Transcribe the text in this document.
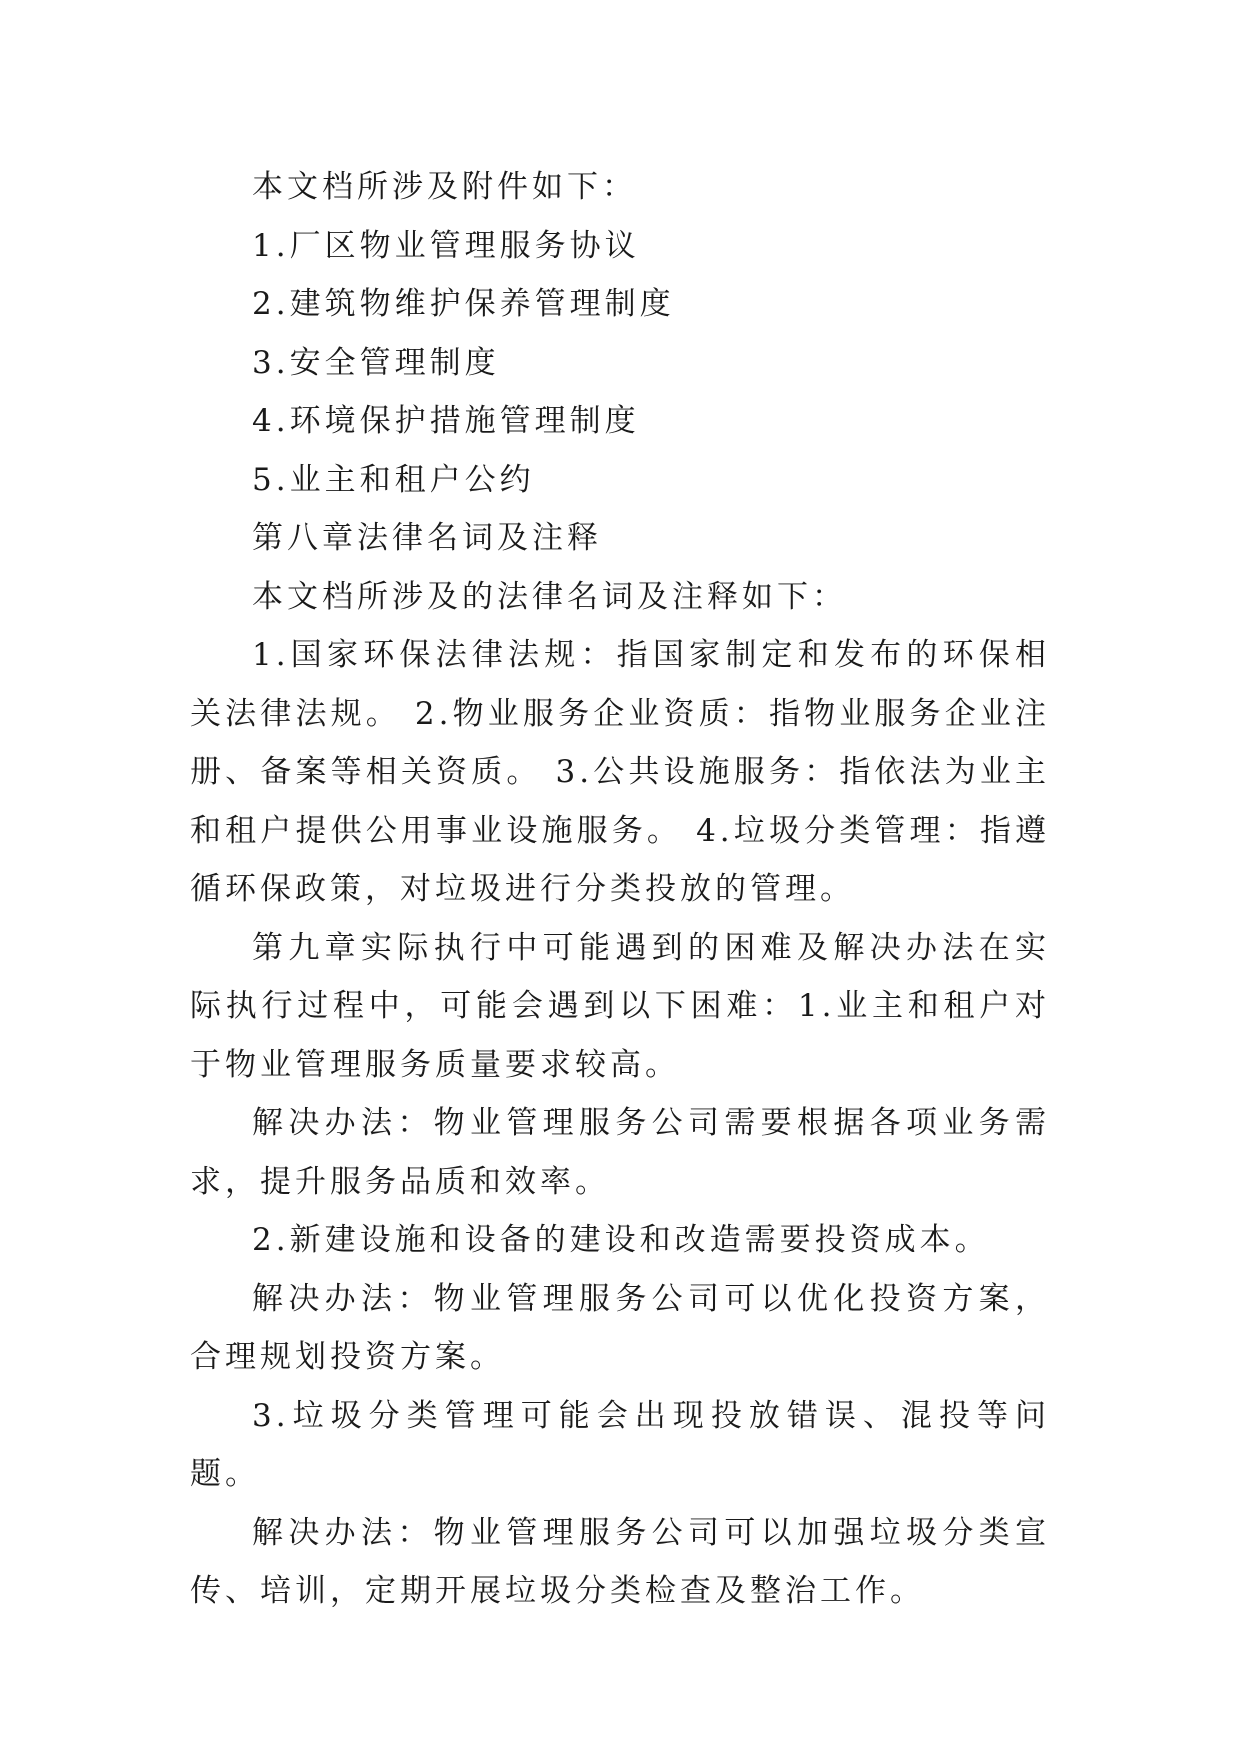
本文档所涉及附件如下：

1.厂区物业管理服务协议

2.建筑物维护保养管理制度

3.安全管理制度

4.环境保护措施管理制度

5.业主和租户公约

第八章法律名词及注释

本文档所涉及的法律名词及注释如下：

1.国家环保法律法规：指国家制定和发布的环保相关法律法规。 2.物业服务企业资质：指物业服务企业注册、备案等相关资质。 3.公共设施服务：指依法为业主和租户提供公用事业设施服务。 4.垃圾分类管理：指遵循环保政策，对垃圾进行分类投放的管理。

第九章实际执行中可能遇到的困难及解决办法在实际执行过程中，可能会遇到以下困难：1.业主和租户对于物业管理服务质量要求较高。

解决办法：物业管理服务公司需要根据各项业务需求，提升服务品质和效率。

2.新建设施和设备的建设和改造需要投资成本。

解决办法：物业管理服务公司可以优化投资方案，合理规划投资方案。

3.垃圾分类管理可能会出现投放错误、混投等问题。

解决办法：物业管理服务公司可以加强垃圾分类宣传、培训，定期开展垃圾分类检查及整治工作。
